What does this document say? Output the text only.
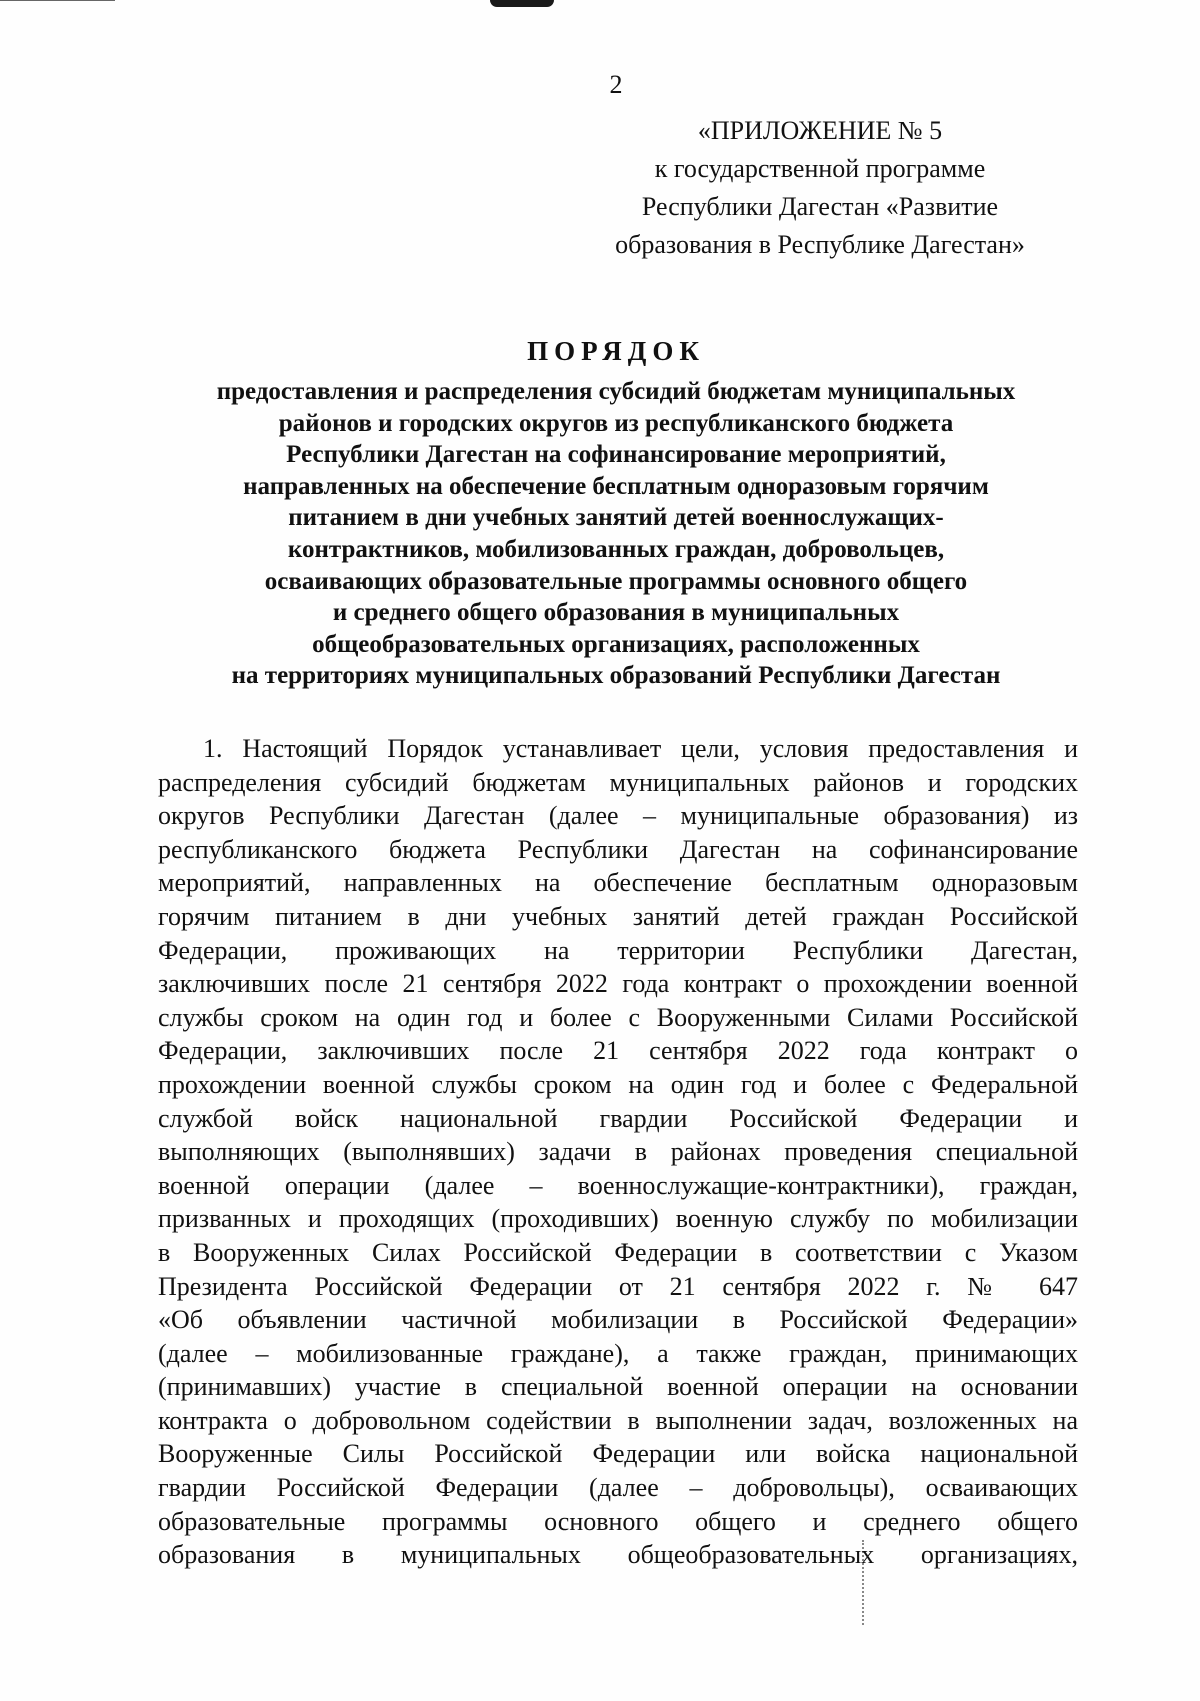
2
«ПРИЛОЖЕНИЕ № 5
к государственной программе
Республики Дагестан «Развитие
образования в Республике Дагестан»
ПОРЯДОК
предоставления и распределения субсидий бюджетам муниципальных
районов и городских округов из республиканского бюджета
Республики Дагестан на софинансирование мероприятий,
направленных на обеспечение бесплатным одноразовым горячим
питанием в дни учебных занятий детей военнослужащих-
контрактников, мобилизованных граждан, добровольцев,
осваивающих образовательные программы основного общего
и среднего общего образования в муниципальных
общеобразовательных организациях, расположенных
на территориях муниципальных образований Республики Дагестан
1. Настоящий Порядок устанавливает цели, условия предоставления и
распределения субсидий бюджетам муниципальных районов и городских
округов Республики Дагестан (далее – муниципальные образования) из
республиканского бюджета Республики Дагестан на софинансирование
мероприятий, направленных на обеспечение бесплатным одноразовым
горячим питанием в дни учебных занятий детей граждан Российской
Федерации, проживающих на территории Республики Дагестан,
заключивших после 21 сентября 2022 года контракт о прохождении военной
службы сроком на один год и более с Вооруженными Силами Российской
Федерации, заключивших после 21 сентября 2022 года контракт о
прохождении военной службы сроком на один год и более с Федеральной
службой войск национальной гвардии Российской Федерации и
выполняющих (выполнявших) задачи в районах проведения специальной
военной операции (далее – военнослужащие-контрактники), граждан,
призванных и проходящих (проходивших) военную службу по мобилизации
в Вооруженных Силах Российской Федерации в соответствии с Указом
Президента Российской Федерации от 21 сентября 2022 г. № 647
«Об объявлении частичной мобилизации в Российской Федерации»
(далее – мобилизованные граждане), а также граждан, принимающих
(принимавших) участие в специальной военной операции на основании
контракта о добровольном содействии в выполнении задач, возложенных на
Вооруженные Силы Российской Федерации или войска национальной
гвардии Российской Федерации (далее – добровольцы), осваивающих
образовательные программы основного общего и среднего общего
образования в муниципальных общеобразовательных организациях,
